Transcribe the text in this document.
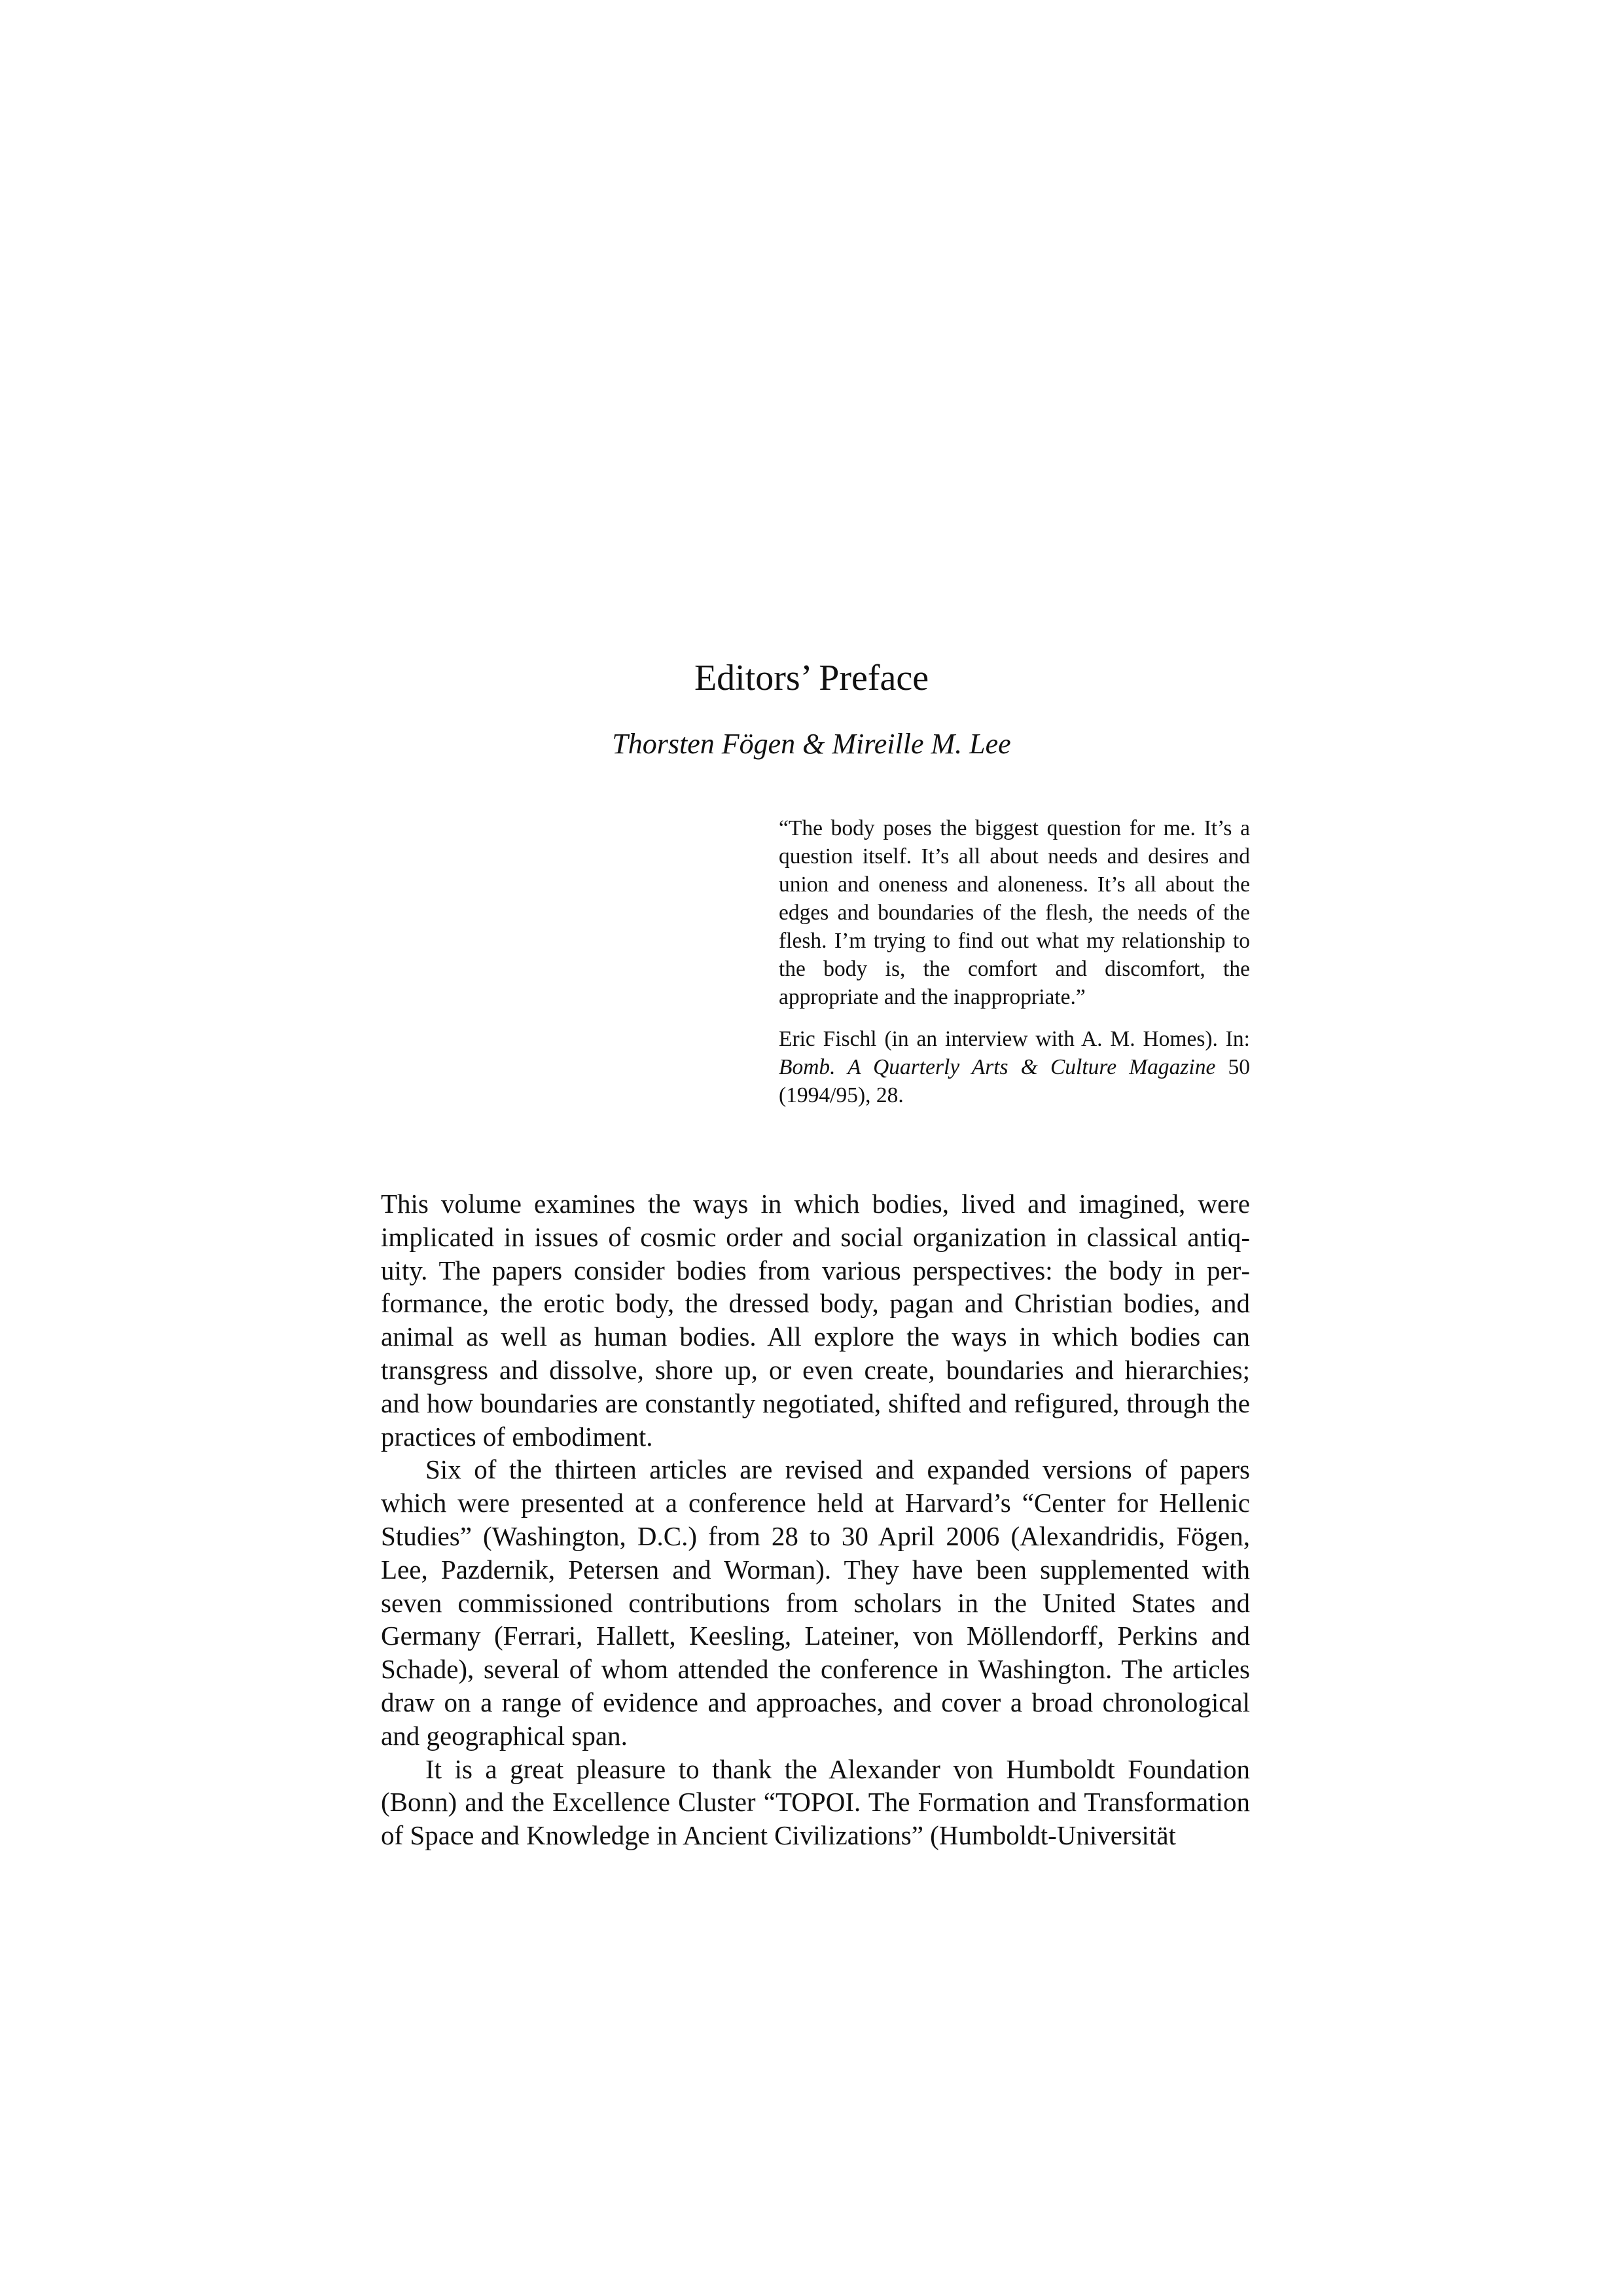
Editors’ Preface
Thorsten Fögen & Mireille M. Lee

“The body poses the biggest question for me. It’s a question itself. It’s all about needs and desires and union and oneness and aloneness. It’s all about the edges and boundaries of the flesh, the needs of the flesh. I’m trying to find out what my relationship to the body is, the comfort and discomfort, the appropriate and the inappropriate.”

Eric Fischl (in an interview with A. M. Homes). In: Bomb. A Quarterly Arts & Culture Magazine 50 (1994/95), 28.

This volume examines the ways in which bodies, lived and imagined, were implicated in issues of cosmic order and social organization in classical antiquity. The papers consider bodies from various perspectives: the body in performance, the erotic body, the dressed body, pagan and Christian bodies, and animal as well as human bodies. All explore the ways in which bodies can transgress and dissolve, shore up, or even create, boundaries and hierarchies; and how boundaries are constantly negotiated, shifted and refigured, through the practices of embodiment.

Six of the thirteen articles are revised and expanded versions of papers which were presented at a conference held at Harvard’s “Center for Hellenic Studies” (Washington, D.C.) from 28 to 30 April 2006 (Alexandridis, Fögen, Lee, Pazdernik, Petersen and Worman). They have been supplemented with seven commissioned contributions from scholars in the United States and Germany (Ferrari, Hallett, Keesling, Lateiner, von Möllendorff, Perkins and Schade), several of whom attended the conference in Washington. The articles draw on a range of evidence and approaches, and cover a broad chronological and geographical span.

It is a great pleasure to thank the Alexander von Humboldt Foundation (Bonn) and the Excellence Cluster “TOPOI. The Formation and Transformation of Space and Knowledge in Ancient Civilizations” (Humboldt-Universität
